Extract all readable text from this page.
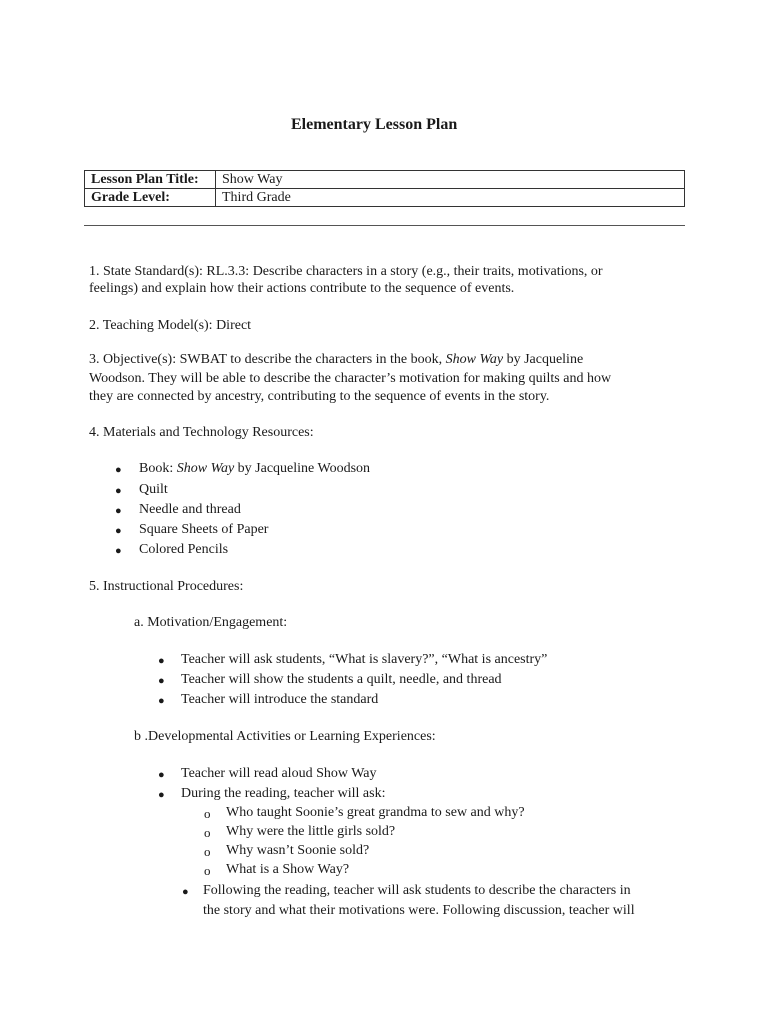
Elementary Lesson Plan
Lesson Plan Title:	Show Way
Grade Level:	Third Grade
1. State Standard(s): RL.3.3: Describe characters in a story (e.g., their traits, motivations, or
feelings) and explain how their actions contribute to the sequence of events.
2. Teaching Model(s): Direct
3. Objective(s): SWBAT to describe the characters in the book, Show Way by Jacqueline
Woodson. They will be able to describe the character’s motivation for making quilts and how
they are connected by ancestry, contributing to the sequence of events in the story.
4. Materials and Technology Resources:
● Book: Show Way by Jacqueline Woodson
● Quilt
● Needle and thread
● Square Sheets of Paper
● Colored Pencils
5. Instructional Procedures:
a. Motivation/Engagement:
● Teacher will ask students, “What is slavery?”, “What is ancestry”
● Teacher will show the students a quilt, needle, and thread
● Teacher will introduce the standard
b .Developmental Activities or Learning Experiences:
● Teacher will read aloud Show Way
● During the reading, teacher will ask:
o Who taught Soonie’s great grandma to sew and why?
o Why were the little girls sold?
o Why wasn’t Soonie sold?
o What is a Show Way?
● Following the reading, teacher will ask students to describe the characters in
the story and what their motivations were. Following discussion, teacher will
